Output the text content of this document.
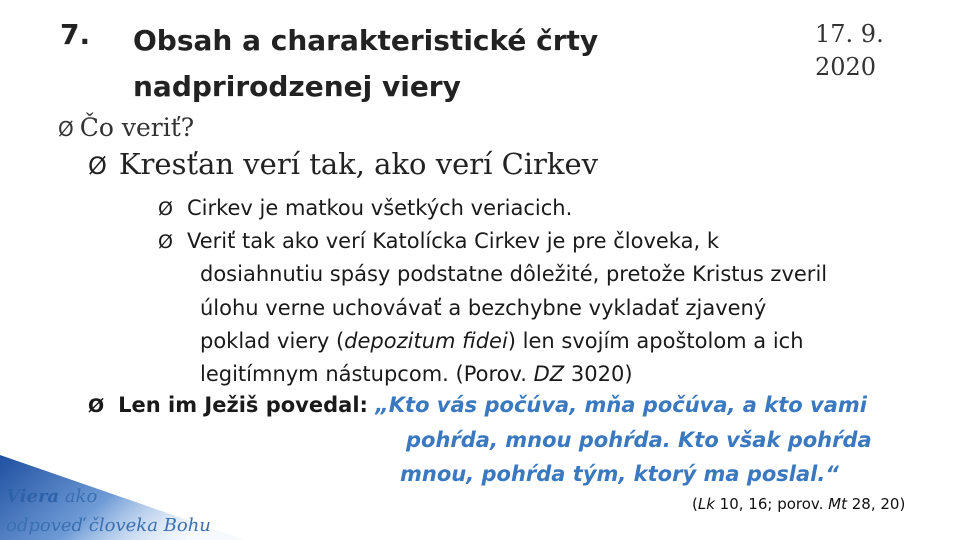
7. Obsah a charakteristické črty
nadprirodzenej viery
17. 9.
2020
Ø Čo veriť?
Ø Kresťan verí tak, ako verí Cirkev
Ø Cirkev je matkou všetkých veriacich.
Ø Veriť tak ako verí Katolícka Cirkev je pre človeka, k
dosiahnutiu spásy podstatne dôležité, pretože Kristus zveril
úlohu verne uchovávať a bezchybne vykladať zjavený
poklad viery (depozitum fidei) len svojím apoštolom a ich
legitímnym nástupcom. (Porov. DZ 3020)
Ø Len im Ježiš povedal: „Kto vás počúva, mňa počúva, a kto vami
pohŕda, mnou pohŕda. Kto však pohŕda
mnou, pohŕda tým, ktorý ma poslal.“
(Lk 10, 16; porov. Mt 28, 20)
Viera ako
odpoveď človeka Bohu
